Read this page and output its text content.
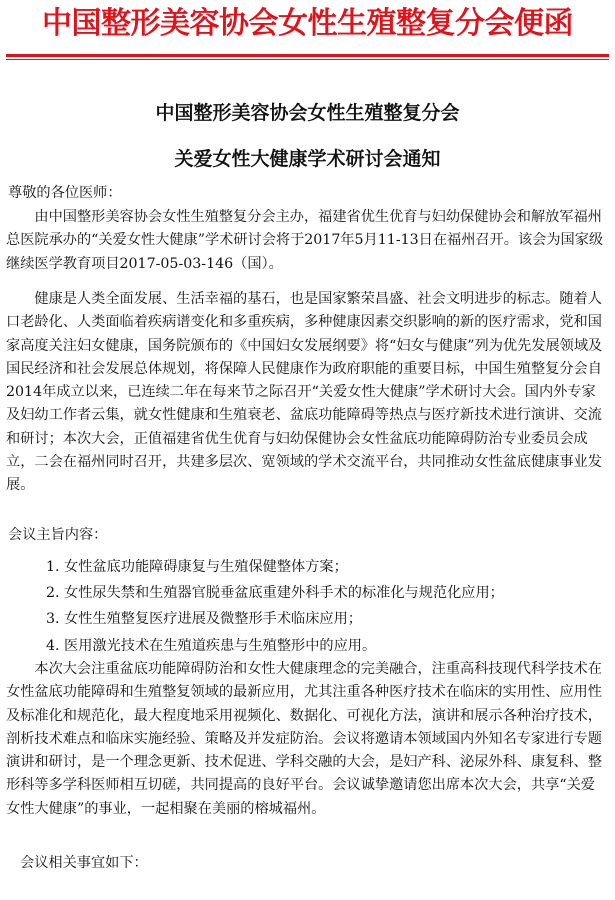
中国整形美容协会女性生殖整复分会便函
中国整形美容协会女性生殖整复分会
关爱女性大健康学术研讨会通知
尊敬的各位医师：
由中国整形美容协会女性生殖整复分会主办，福建省优生优育与妇幼保健协会和解放军福州总医院承办的“关爱女性大健康”学术研讨会将于2017年5月11-13日在福州召开。该会为国家级继续医学教育项目2017-05-03-146（国）。
健康是人类全面发展、生活幸福的基石，也是国家繁荣昌盛、社会文明进步的标志。随着人口老龄化、人类面临着疾病谱变化和多重疾病，多种健康因素交织影响的新的医疗需求，党和国家高度关注妇女健康，国务院颁布的《中国妇女发展纲要》将“妇女与健康”列为优先发展领域及国民经济和社会发展总体规划，将保障人民健康作为政府职能的重要目标，中国生殖整复分会自2014年成立以来，已连续二年在每来节之际召开“关爱女性大健康”学术研讨大会。国内外专家及妇幼工作者云集，就女性健康和生殖衰老、盆底功能障碍等热点与医疗新技术进行演讲、交流和研讨；本次大会，正值福建省优生优育与妇幼保健协会女性盆底功能障碍防治专业委员会成立，二会在福州同时召开，共建多层次、宽领域的学术交流平台，共同推动女性盆底健康事业发展。
会议主旨内容：
1. 女性盆底功能障碍康复与生殖保健整体方案；
2. 女性尿失禁和生殖器官脱垂盆底重建外科手术的标准化与规范化应用；
3. 女性生殖整复医疗进展及微整形手术临床应用；
4. 医用激光技术在生殖道疾患与生殖整形中的应用。
本次大会注重盆底功能障碍防治和女性大健康理念的完美融合，注重高科技现代科学技术在女性盆底功能障碍和生殖整复领域的最新应用，尤其注重各种医疗技术在临床的实用性、应用性及标准化和规范化，最大程度地采用视频化、数据化、可视化方法，演讲和展示各种治疗技术，剖析技术难点和临床实施经验、策略及并发症防治。会议将邀请本领域国内外知名专家进行专题演讲和研讨，是一个理念更新、技术促进、学科交融的大会，是妇产科、泌尿外科、康复科、整形科等多学科医师相互切磋，共同提高的良好平台。会议诚挚邀请您出席本次大会，共享“关爱女性大健康”的事业，一起相聚在美丽的榕城福州。
会议相关事宜如下：
